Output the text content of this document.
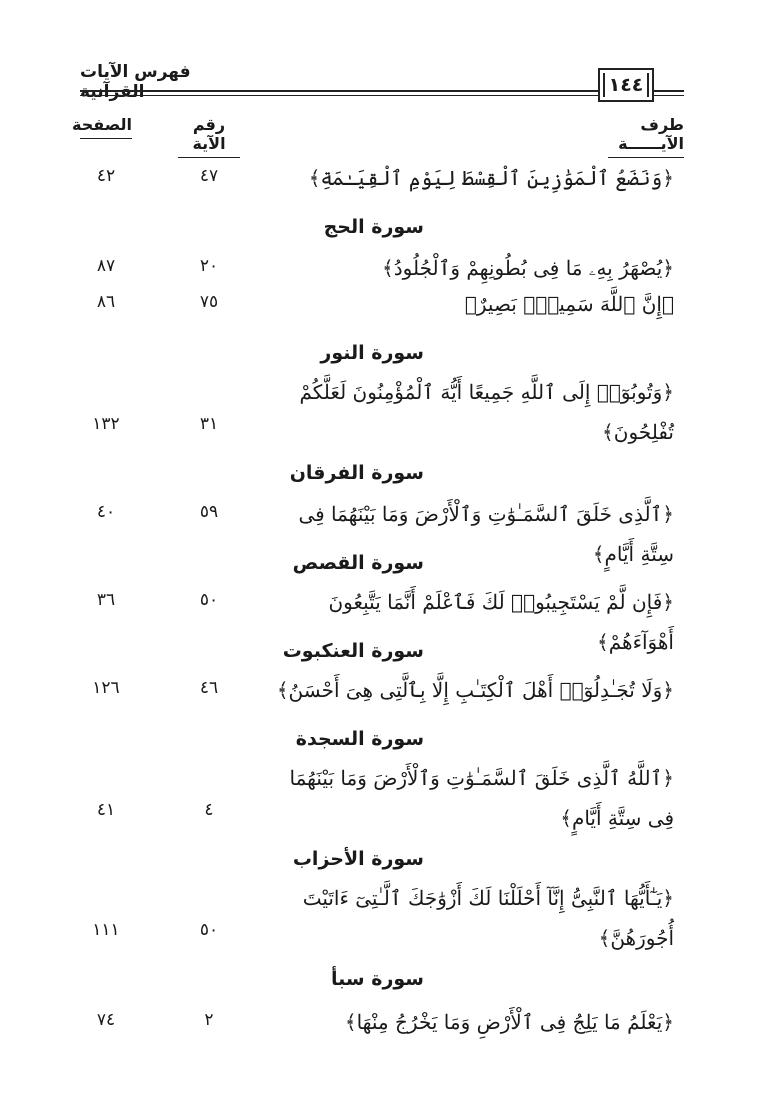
فهرس الآيات القرآنية	١٤٤
الصفحة	رقم الآية
طرف الآيــــــة
﴿وَنَضَعُ ٱلْمَوَٰزِينَ ٱلْقِسْطَ لِيَوْمِ ٱلْقِيَـٰمَةِ﴾
٤٧
٤٢
سورة الحج
﴿يُصْهَرُ بِهِۦ مَا فِى بُطُونِهِمْ وَٱلْجُلُودُ﴾
٢٠
٨٧
﴿إِنَّ ٱللَّهَ سَمِيعٌۢ بَصِيرٌ﴾
٧٥
٨٦
سورة النور
﴿وَتُوبُوٓا۟ إِلَى ٱللَّهِ جَمِيعًا أَيُّهَ ٱلْمُؤْمِنُونَ لَعَلَّكُمْ تُفْلِحُونَ﴾
٣١
١٣٢
سورة الفرقان
﴿ٱلَّذِى خَلَقَ ٱلسَّمَـٰوَٰتِ وَٱلْأَرْضَ وَمَا بَيْنَهُمَا فِى سِتَّةِ أَيَّامٍ﴾
٥٩
٤٠
سورة القصص
﴿فَإِن لَّمْ يَسْتَجِيبُوا۟ لَكَ فَٱعْلَمْ أَنَّمَا يَتَّبِعُونَ أَهْوَآءَهُمْ﴾
٥٠
٣٦
سورة العنكبوت
﴿وَلَا تُجَـٰدِلُوٓا۟ أَهْلَ ٱلْكِتَـٰبِ إِلَّا بِٱلَّتِى هِىَ أَحْسَنُ﴾
٤٦
١٢٦
سورة السجدة
﴿ٱللَّهُ ٱلَّذِى خَلَقَ ٱلسَّمَـٰوَٰتِ وَٱلْأَرْضَ وَمَا بَيْنَهُمَا فِى سِتَّةِ أَيَّامٍ﴾
٤
٤١
سورة الأحزاب
﴿يَـٰٓأَيُّهَا ٱلنَّبِىُّ إِنَّآ أَحْلَلْنَا لَكَ أَزْوَٰجَكَ ٱلَّـٰتِىٓ ءَاتَيْتَ أُجُورَهُنَّ﴾
٥٠
١١١
سورة سبأ
﴿يَعْلَمُ مَا يَلِجُ فِى ٱلْأَرْضِ وَمَا يَخْرُجُ مِنْهَا﴾
٢
٧٤
